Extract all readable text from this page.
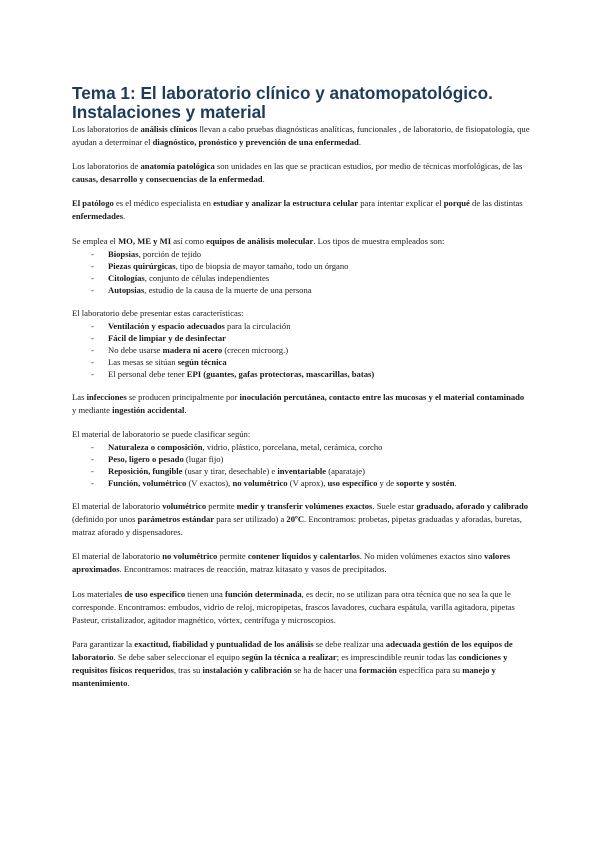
Tema 1: El laboratorio clínico y anatomopatológico. Instalaciones y material

Los laboratorios de análisis clínicos llevan a cabo pruebas diagnósticas analíticas, funcionales , de laboratorio, de fisiopatología, que ayudan a determinar el diagnóstico, pronóstico y prevención de una enfermedad.

Los laboratorios de anatomía patológica son unidades en las que se practican estudios, por medio de técnicas morfológicas, de las causas, desarrollo y consecuencias de la enfermedad.

El patólogo es el médico especialista en estudiar y analizar la estructura celular para intentar explicar el porqué de las distintas enfermedades.

Se emplea el MO, ME y MI así como equipos de análisis molecular. Los tipos de muestra empleados son:

- Biopsias, porción de tejido
- Piezas quirúrgicas, tipo de biopsia de mayor tamaño, todo un órgano
- Citologías, conjunto de células independientes
- Autopsias, estudio de la causa de la muerte de una persona

El laboratorio debe presentar estas características:

- Ventilación y espacio adecuados para la circulación
- Fácil de limpiar y de desinfectar
- No debe usarse madera ni acero (crecen microorg.)
- Las mesas se sitúan según técnica
- El personal debe tener EPI (guantes, gafas protectoras, mascarillas, batas)

Las infecciones se producen principalmente por inoculación percutánea, contacto entre las mucosas y el material contaminado y mediante ingestión accidental.

El material de laboratorio se puede clasificar según:

- Naturaleza o composición, vidrio, plástico, porcelana, metal, cerámica, corcho
- Peso, ligero o pesado (lugar fijo)
- Reposición, fungible (usar y tirar, desechable) e inventariable (aparataje)
- Función, volumétrico (V exactos), no volumétrico (V aprox), uso específico y de soporte y sostén.

El material de laboratorio volumétrico permite medir y transferir volúmenes exactos. Suele estar graduado, aforado y calibrado (definido por unos parámetros estándar para ser utilizado) a 20ºC. Encontramos: probetas, pipetas graduadas y aforadas, buretas, matraz aforado y dispensadores.

El material de laboratorio no volumétrico permite contener líquidos y calentarlos. No miden volúmenes exactos sino valores aproximados. Encontramos: matraces de reacción, matraz kitasato y vasos de precipitados.

Los materiales de uso específico tienen una función determinada, es decir, no se utilizan para otra técnica que no sea la que le corresponde. Encontramos: embudos, vidrio de reloj, micropipetas, frascos lavadores, cuchara espátula, varilla agitadora, pipetas Pasteur, cristalizador, agitador magnético, vórtex, centrífuga y microscopios.

Para garantizar la exactitud, fiabilidad y puntualidad de los análisis se debe realizar una adecuada gestión de los equipos de laboratorio. Se debe saber seleccionar el equipo según la técnica a realizar; es imprescindible reunir todas las condiciones y requisitos físicos requeridos, tras su instalación y calibración se ha de hacer una formación específica para su manejo y mantenimiento.
